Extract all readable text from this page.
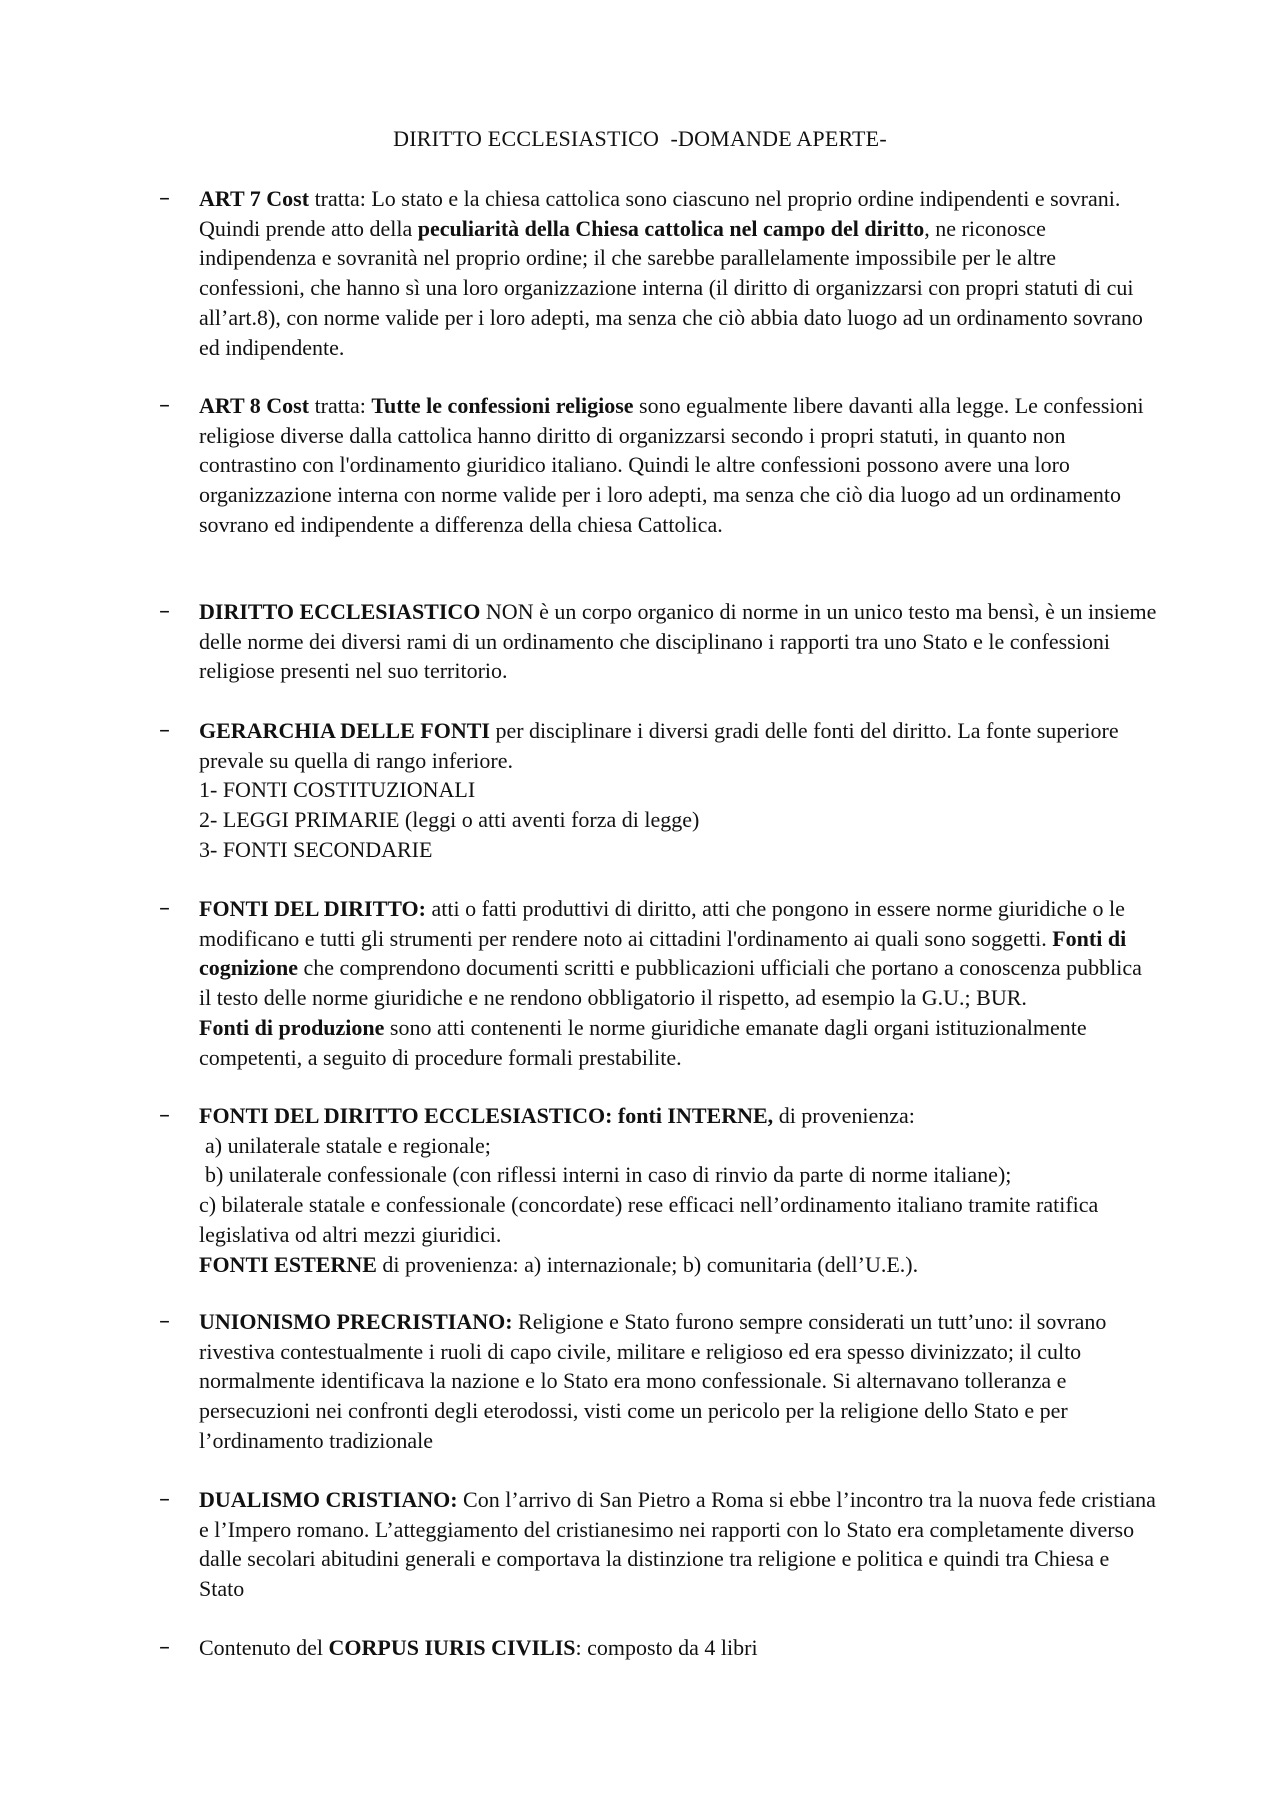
DIRITTO ECCLESIASTICO  -DOMANDE APERTE-
–	ART 7 Cost tratta: Lo stato e la chiesa cattolica sono ciascuno nel proprio ordine indipendenti e sovrani. Quindi prende atto della peculiarità della Chiesa cattolica nel campo del diritto, ne riconosce indipendenza e sovranità nel proprio ordine; il che sarebbe parallelamente impossibile per le altre confessioni, che hanno sì una loro organizzazione interna (il diritto di organizzarsi con propri statuti di cui all’art.8), con norme valide per i loro adepti, ma senza che ciò abbia dato luogo ad un ordinamento sovrano ed indipendente.

–	ART 8 Cost tratta: Tutte le confessioni religiose sono egualmente libere davanti alla legge. Le confessioni religiose diverse dalla cattolica hanno diritto di organizzarsi secondo i propri statuti, in quanto non contrastino con l'ordinamento giuridico italiano. Quindi le altre confessioni possono avere una loro organizzazione interna con norme valide per i loro adepti, ma senza che ciò dia luogo ad un ordinamento sovrano ed indipendente a differenza della chiesa Cattolica.

–	DIRITTO ECCLESIASTICO NON è un corpo organico di norme in un unico testo ma bensì, è un insieme delle norme dei diversi rami di un ordinamento che disciplinano i rapporti tra uno Stato e le confessioni religiose presenti nel suo territorio.

–	GERARCHIA DELLE FONTI per disciplinare i diversi gradi delle fonti del diritto. La fonte superiore prevale su quella di rango inferiore.

1- FONTI COSTITUZIONALI

2- LEGGI PRIMARIE (leggi o atti aventi forza di legge)

3- FONTI SECONDARIE

–	FONTI DEL DIRITTO: atti o fatti produttivi di diritto, atti che pongono in essere norme giuridiche o le modificano e tutti gli strumenti per rendere noto ai cittadini l'ordinamento ai quali sono soggetti. Fonti di cognizione che comprendono documenti scritti e pubblicazioni ufficiali che portano a conoscenza pubblica il testo delle norme giuridiche e ne rendono obbligatorio il rispetto, ad esempio la G.U.; BUR.

Fonti di produzione sono atti contenenti le norme giuridiche emanate dagli organi istituzionalmente competenti, a seguito di procedure formali prestabilite.

–	FONTI DEL DIRITTO ECCLESIASTICO: fonti INTERNE, di provenienza:

a) unilaterale statale e regionale;

b) unilaterale confessionale (con riflessi interni in caso di rinvio da parte di norme italiane);

c) bilaterale statale e confessionale (concordate) rese efficaci nell’ordinamento italiano tramite ratifica legislativa od altri mezzi giuridici.

FONTI ESTERNE di provenienza: a) internazionale; b) comunitaria (dell’U.E.).

–	UNIONISMO PRECRISTIANO: Religione e Stato furono sempre considerati un tutt’uno: il sovrano rivestiva contestualmente i ruoli di capo civile, militare e religioso ed era spesso divinizzato; il culto normalmente identificava la nazione e lo Stato era mono confessionale. Si alternavano tolleranza e persecuzioni nei confronti degli eterodossi, visti come un pericolo per la religione dello Stato e per l’ordinamento tradizionale

–	DUALISMO CRISTIANO: Con l’arrivo di San Pietro a Roma si ebbe l’incontro tra la nuova fede cristiana e l’Impero romano. L’atteggiamento del cristianesimo nei rapporti con lo Stato era completamente diverso dalle secolari abitudini generali e comportava la distinzione tra religione e politica e quindi tra Chiesa e Stato

–	Contenuto del CORPUS IURIS CIVILIS: composto da 4 libri
